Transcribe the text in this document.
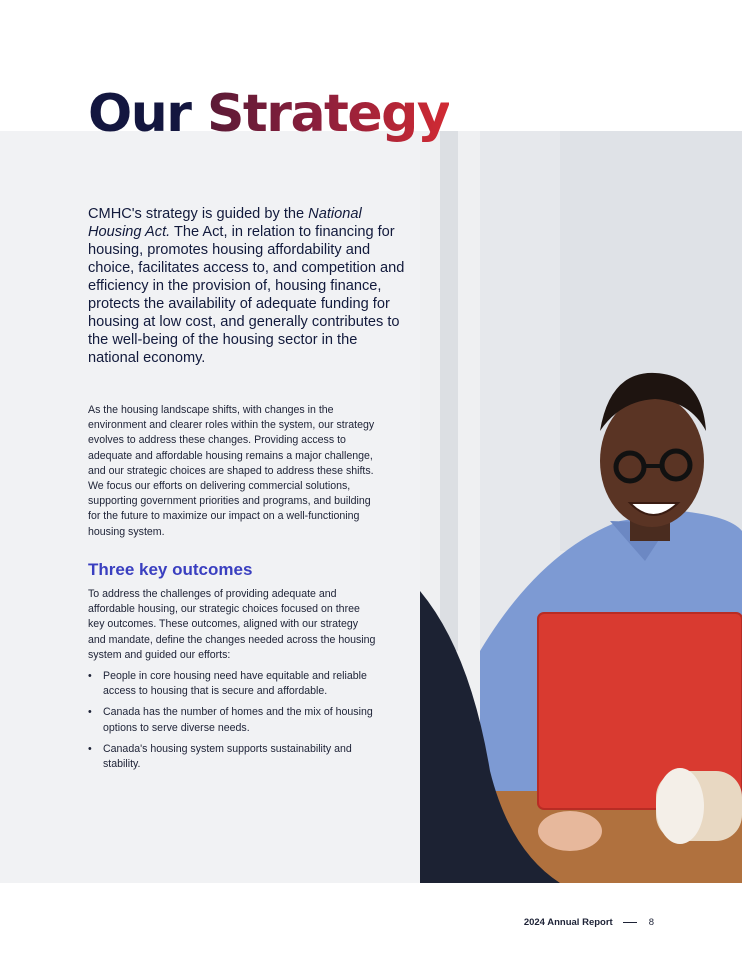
Our Strategy

CMHC's strategy is guided by the National Housing Act. The Act, in relation to financing for housing, promotes housing affordability and choice, facilitates access to, and competition and efficiency in the provision of, housing finance, protects the availability of adequate funding for housing at low cost, and generally contributes to the well-being of the housing sector in the national economy.

As the housing landscape shifts, with changes in the environment and clearer roles within the system, our strategy evolves to address these changes. Providing access to adequate and affordable housing remains a major challenge, and our strategic choices are shaped to address these shifts. We focus our efforts on delivering commercial solutions, supporting government priorities and programs, and building for the future to maximize our impact on a well-functioning housing system.

Three key outcomes

To address the challenges of providing adequate and affordable housing, our strategic choices focused on three key outcomes. These outcomes, aligned with our strategy and mandate, define the changes needed across the housing system and guided our efforts:

• People in core housing need have equitable and reliable access to housing that is secure and affordable.
• Canada has the number of homes and the mix of housing options to serve diverse needs.
• Canada's housing system supports sustainability and stability.
2024 Annual Report	8
